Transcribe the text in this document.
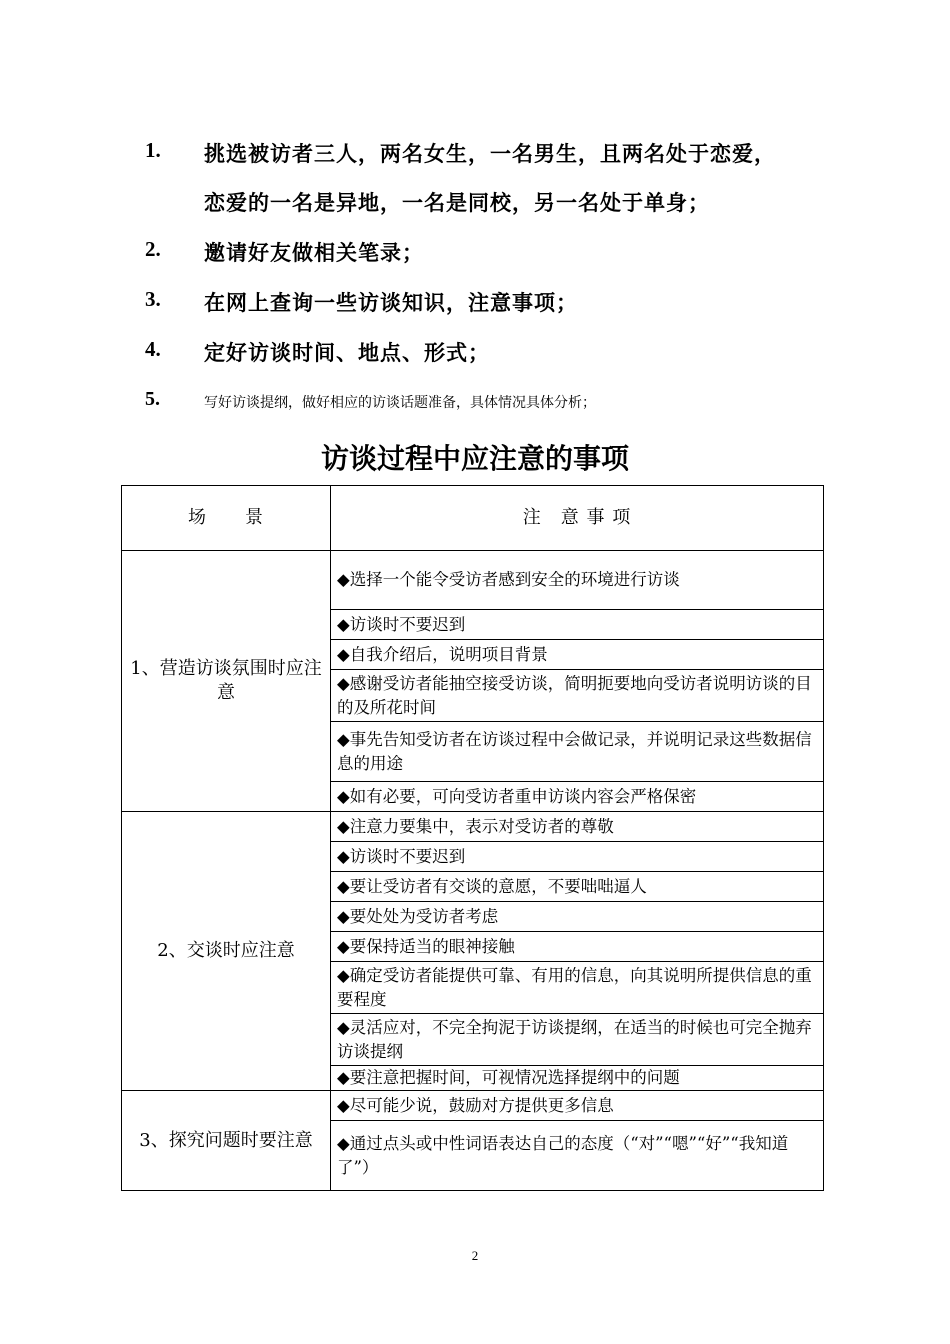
1. 挑选被访者三人，两名女生，一名男生，且两名处于恋爱，
恋爱的一名是异地，一名是同校，另一名处于单身；
2. 邀请好友做相关笔录；
3. 在网上查询一些访谈知识，注意事项；
4. 定好访谈时间、地点、形式；
5.	写好访谈提纲，做好相应的访谈话题准备，具体情况具体分析；
访谈过程中应注意的事项
场　　景	注　意 事 项
1、营造访谈氛围时应注意	◆选择一个能令受访者感到安全的环境进行访谈
	◆访谈时不要迟到
	◆自我介绍后，说明项目背景
	◆感谢受访者能抽空接受访谈，简明扼要地向受访者说明访谈的目的及所花时间
	◆事先告知受访者在访谈过程中会做记录，并说明记录这些数据信息的用途
	◆如有必要，可向受访者重申访谈内容会严格保密
2、交谈时应注意	◆注意力要集中，表示对受访者的尊敬
	◆访谈时不要迟到
	◆要让受访者有交谈的意愿，不要咄咄逼人
	◆要处处为受访者考虑
	◆要保持适当的眼神接触
	◆确定受访者能提供可靠、有用的信息，向其说明所提供信息的重要程度
	◆灵活应对，不完全拘泥于访谈提纲，在适当的时候也可完全抛弃访谈提纲
	◆要注意把握时间，可视情况选择提纲中的问题
3、探究问题时要注意	◆尽可能少说，鼓励对方提供更多信息
	◆通过点头或中性词语表达自己的态度（“对”“嗯”“好”“我知道了”）
2
